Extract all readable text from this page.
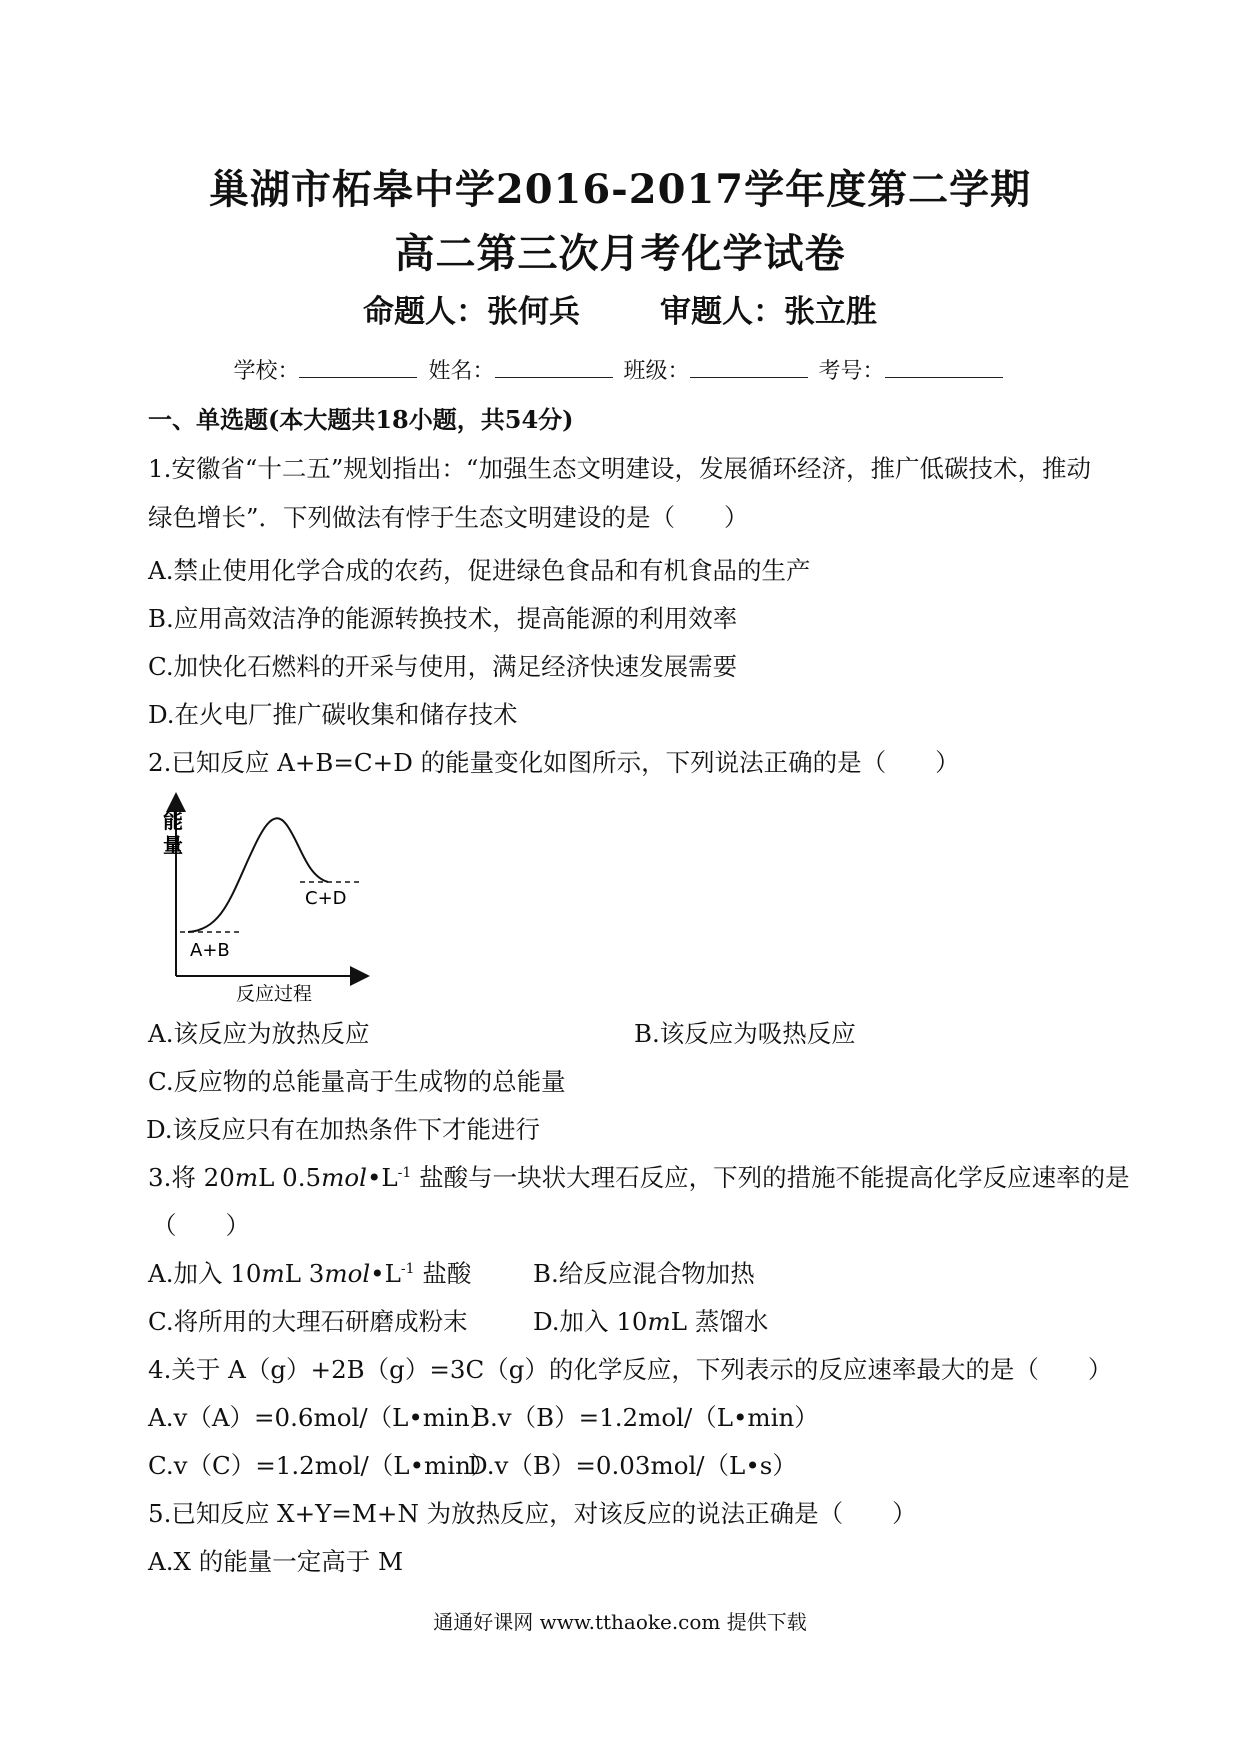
巢湖市柘皋中学2016-2017学年度第二学期
高二第三次月考化学试卷
命题人：张何兵	审题人：张立胜
学校：	姓名：	班级：	考号：
一、单选题(本大题共18小题，共54分)
1.安徽省“十二五”规划指出：“加强生态文明建设，发展循环经济，推广低碳技术，推动绿色增长”．下列做法有悖于生态文明建设的是（　　）
A.禁止使用化学合成的农药，促进绿色食品和有机食品的生产
B.应用高效洁净的能源转换技术，提高能源的利用效率
C.加快化石燃料的开采与使用，满足经济快速发展需要
D.在火电厂推广碳收集和储存技术
2.已知反应 A+B=C+D 的能量变化如图所示，下列说法正确的是（　　）
能
量
A+B
C+D
反应过程
A.该反应为放热反应	B.该反应为吸热反应
C.反应物的总能量高于生成物的总能量
D.该反应只有在加热条件下才能进行
3.将 20mL $0.5mol•L^{-1}$ 盐酸与一块状大理石反应，下列的措施不能提高化学反应速率的是
（　　）
A.加入 10mL $3mol•L^{-1}$ 盐酸	B.给反应混合物加热
C.将所用的大理石研磨成粉末	D.加入 10mL 蒸馏水
4.关于 A（g）+2B（g）=3C（g）的化学反应，下列表示的反应速率最大的是（　　）
A.v（A）=0.6mol/（L•min）
B.v（B）=1.2mol/（L•min）
C.v（C）=1.2mol/（L•min）
D.v（B）=0.03mol/（L•s）
5.已知反应 X+Y=M+N 为放热反应，对该反应的说法正确是（　　）
A.X 的能量一定高于 M
通通好课网 www.tthaoke.com 提供下载
